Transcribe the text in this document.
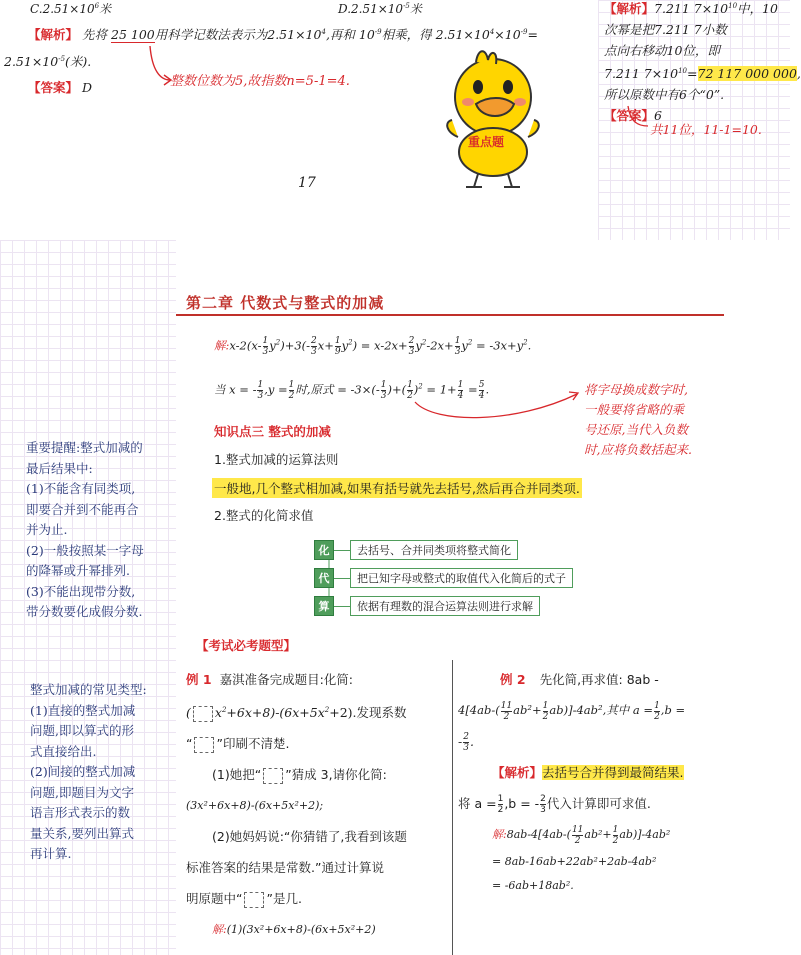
$C.2.51\times 10^6$米	$D.2.51\times 10^{-5}$米
【解析】 先将 25 100用科学记数法表示为$2.51\times 10^4$,再和 $10^{-9}$相乘，得 $2.51\times 10^4\times 10^{-9}=$
$2.51\times 10^{-5}$(米).
【答案】 D	整数位数为5,故指数n=5-1=4.
重点题
17
【解析】7.211 $7\times 10^{10}$中，10
次幂是把7.211 7小数
点向右移动10位，即
7.211 $7\times 10^{10}=72$ 117 000 000,
所以原数中有6个“0”.
【答案】6
共11位，11-1=10.
第二章 代数式与整式的加减
解:x-2(x- $\frac{1}{3} y^2)+3(- \frac{2}{3} x+ \frac{1}{9} y^2) = x-2x+ \frac{2}{3} y^2-2x+ \frac{1}{3} y^2 = -3x+y^2$.
当 x = - $\frac{1}{3} ,y = \frac{1}{2}$ 时,原式 = $-3\times(- \frac{1}{3}$ )+( $\frac{1}{2} )^2 = 1+ \frac{1}{4} = \frac{5}{4}$ .	将字母换成数字时,
一般要将省略的乘
号还原,当代入负数
时,应将负数括起来.
知识点三 整式的加减
1.整式加减的运算法则
一般地,几个整式相加减,如果有括号就先去括号,然后再合并同类项.
2.整式的化简求值
化	去括号、合并同类项将整式简化
代	把已知字母或整式的取值代入化简后的式子
算	依据有理数的混合运算法则进行求解
重要提醒:整式加减的
最后结果中:
(1)不能含有同类项,
即要合并到不能再合
并为止.
(2)一般按照某一字母
的降幂或升幂排列.
(3)不能出现带分数,
带分数要化成假分数.
整式加减的常见类型:
(1)直接的整式加减
问题,即以算式的形
式直接给出.
(2)间接的整式加减
问题,即题目为文字
语言形式表示的数
量关系,要列出算式
再计算.
【考试必考题型】
例 1 嘉淇准备完成题目:化简:
( $x^2+6x+8)-(6x+5x^2+2)$.发现系数
“ ”印刷不清楚.
(1)她把“ ”猜成 3,请你化简:
(3x²+6x+8)-(6x+5x²+2);
(2)她妈妈说:“你猜错了,我看到该题
标准答案的结果是常数.”通过计算说
明原题中“ ”是几.
解:(1)(3x²+6x+8)-(6x+5x²+2)
例 2 先化简,再求值: 8ab -
$4[4ab-( \frac{11}{2} ab^2+ \frac{1}{2} ab)]-4ab^2$,其中 $a = \frac{1}{2} ,b$ =
- $\frac{2}{3}$ .
【解析】去括号合并得到最简结果.
将 $a = \frac{1}{2} ,b$ = - $\frac{2}{3}$ 代入计算即可求值.
解:8ab-4[4ab-( $\frac{11}{2} ab^2+ \frac{1}{2} ab)]-4ab^2$
= 8ab-16ab+22ab²+2ab-4ab²
= -6ab+18ab².
